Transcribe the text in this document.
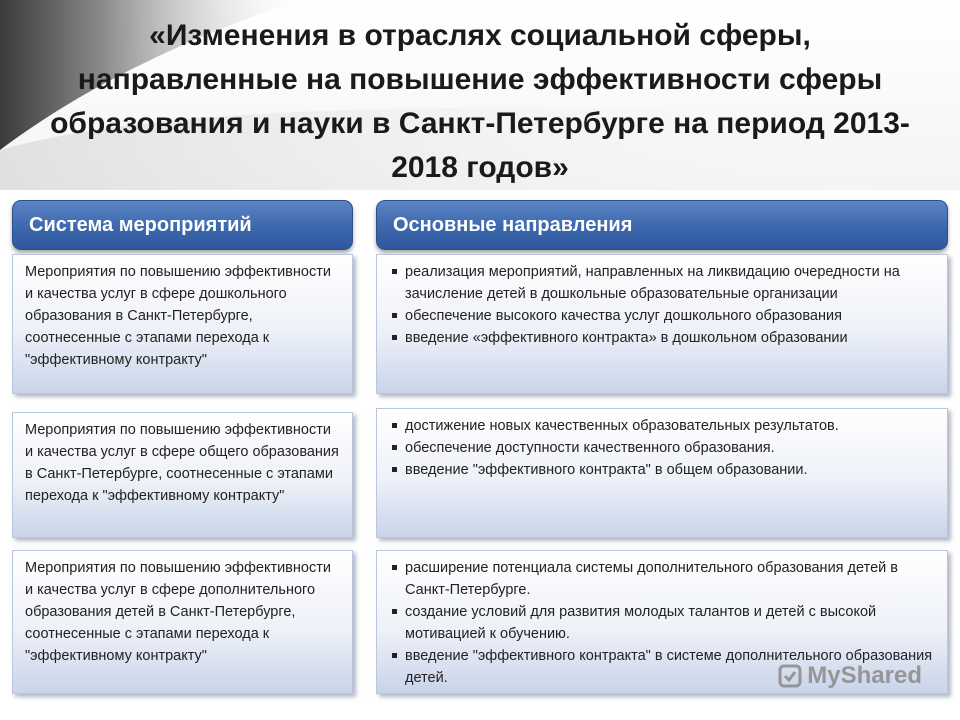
«Изменения в отраслях социальной сферы, направленные на повышение эффективности сферы образования и науки в Санкт-Петербурге на период 2013-2018 годов»
Система мероприятий	Основные направления
Мероприятия по повышению эффективности и качества услуг в сфере дошкольного образования в Санкт-Петербурге, соотнесенные с этапами перехода к "эффективному контракту"
реализация мероприятий, направленных на ликвидацию очередности на зачисление детей в дошкольные образовательные организации
обеспечение высокого качества услуг дошкольного образования
введение «эффективного контракта» в дошкольном образовании
Мероприятия по повышению эффективности и качества услуг в сфере общего образования в Санкт-Петербурге, соотнесенные с этапами перехода к "эффективному контракту"
достижение новых качественных образовательных результатов.
обеспечение доступности качественного образования.
введение "эффективного контракта" в общем образовании.
Мероприятия по повышению эффективности и качества услуг в сфере дополнительного образования детей в Санкт-Петербурге, соотнесенные с этапами перехода к "эффективному контракту"
расширение потенциала системы дополнительного образования детей в Санкт-Петербурге.
создание условий для развития молодых талантов и детей с высокой мотивацией к обучению.
введение "эффективного контракта" в системе дополнительного образования детей.	MyShared
